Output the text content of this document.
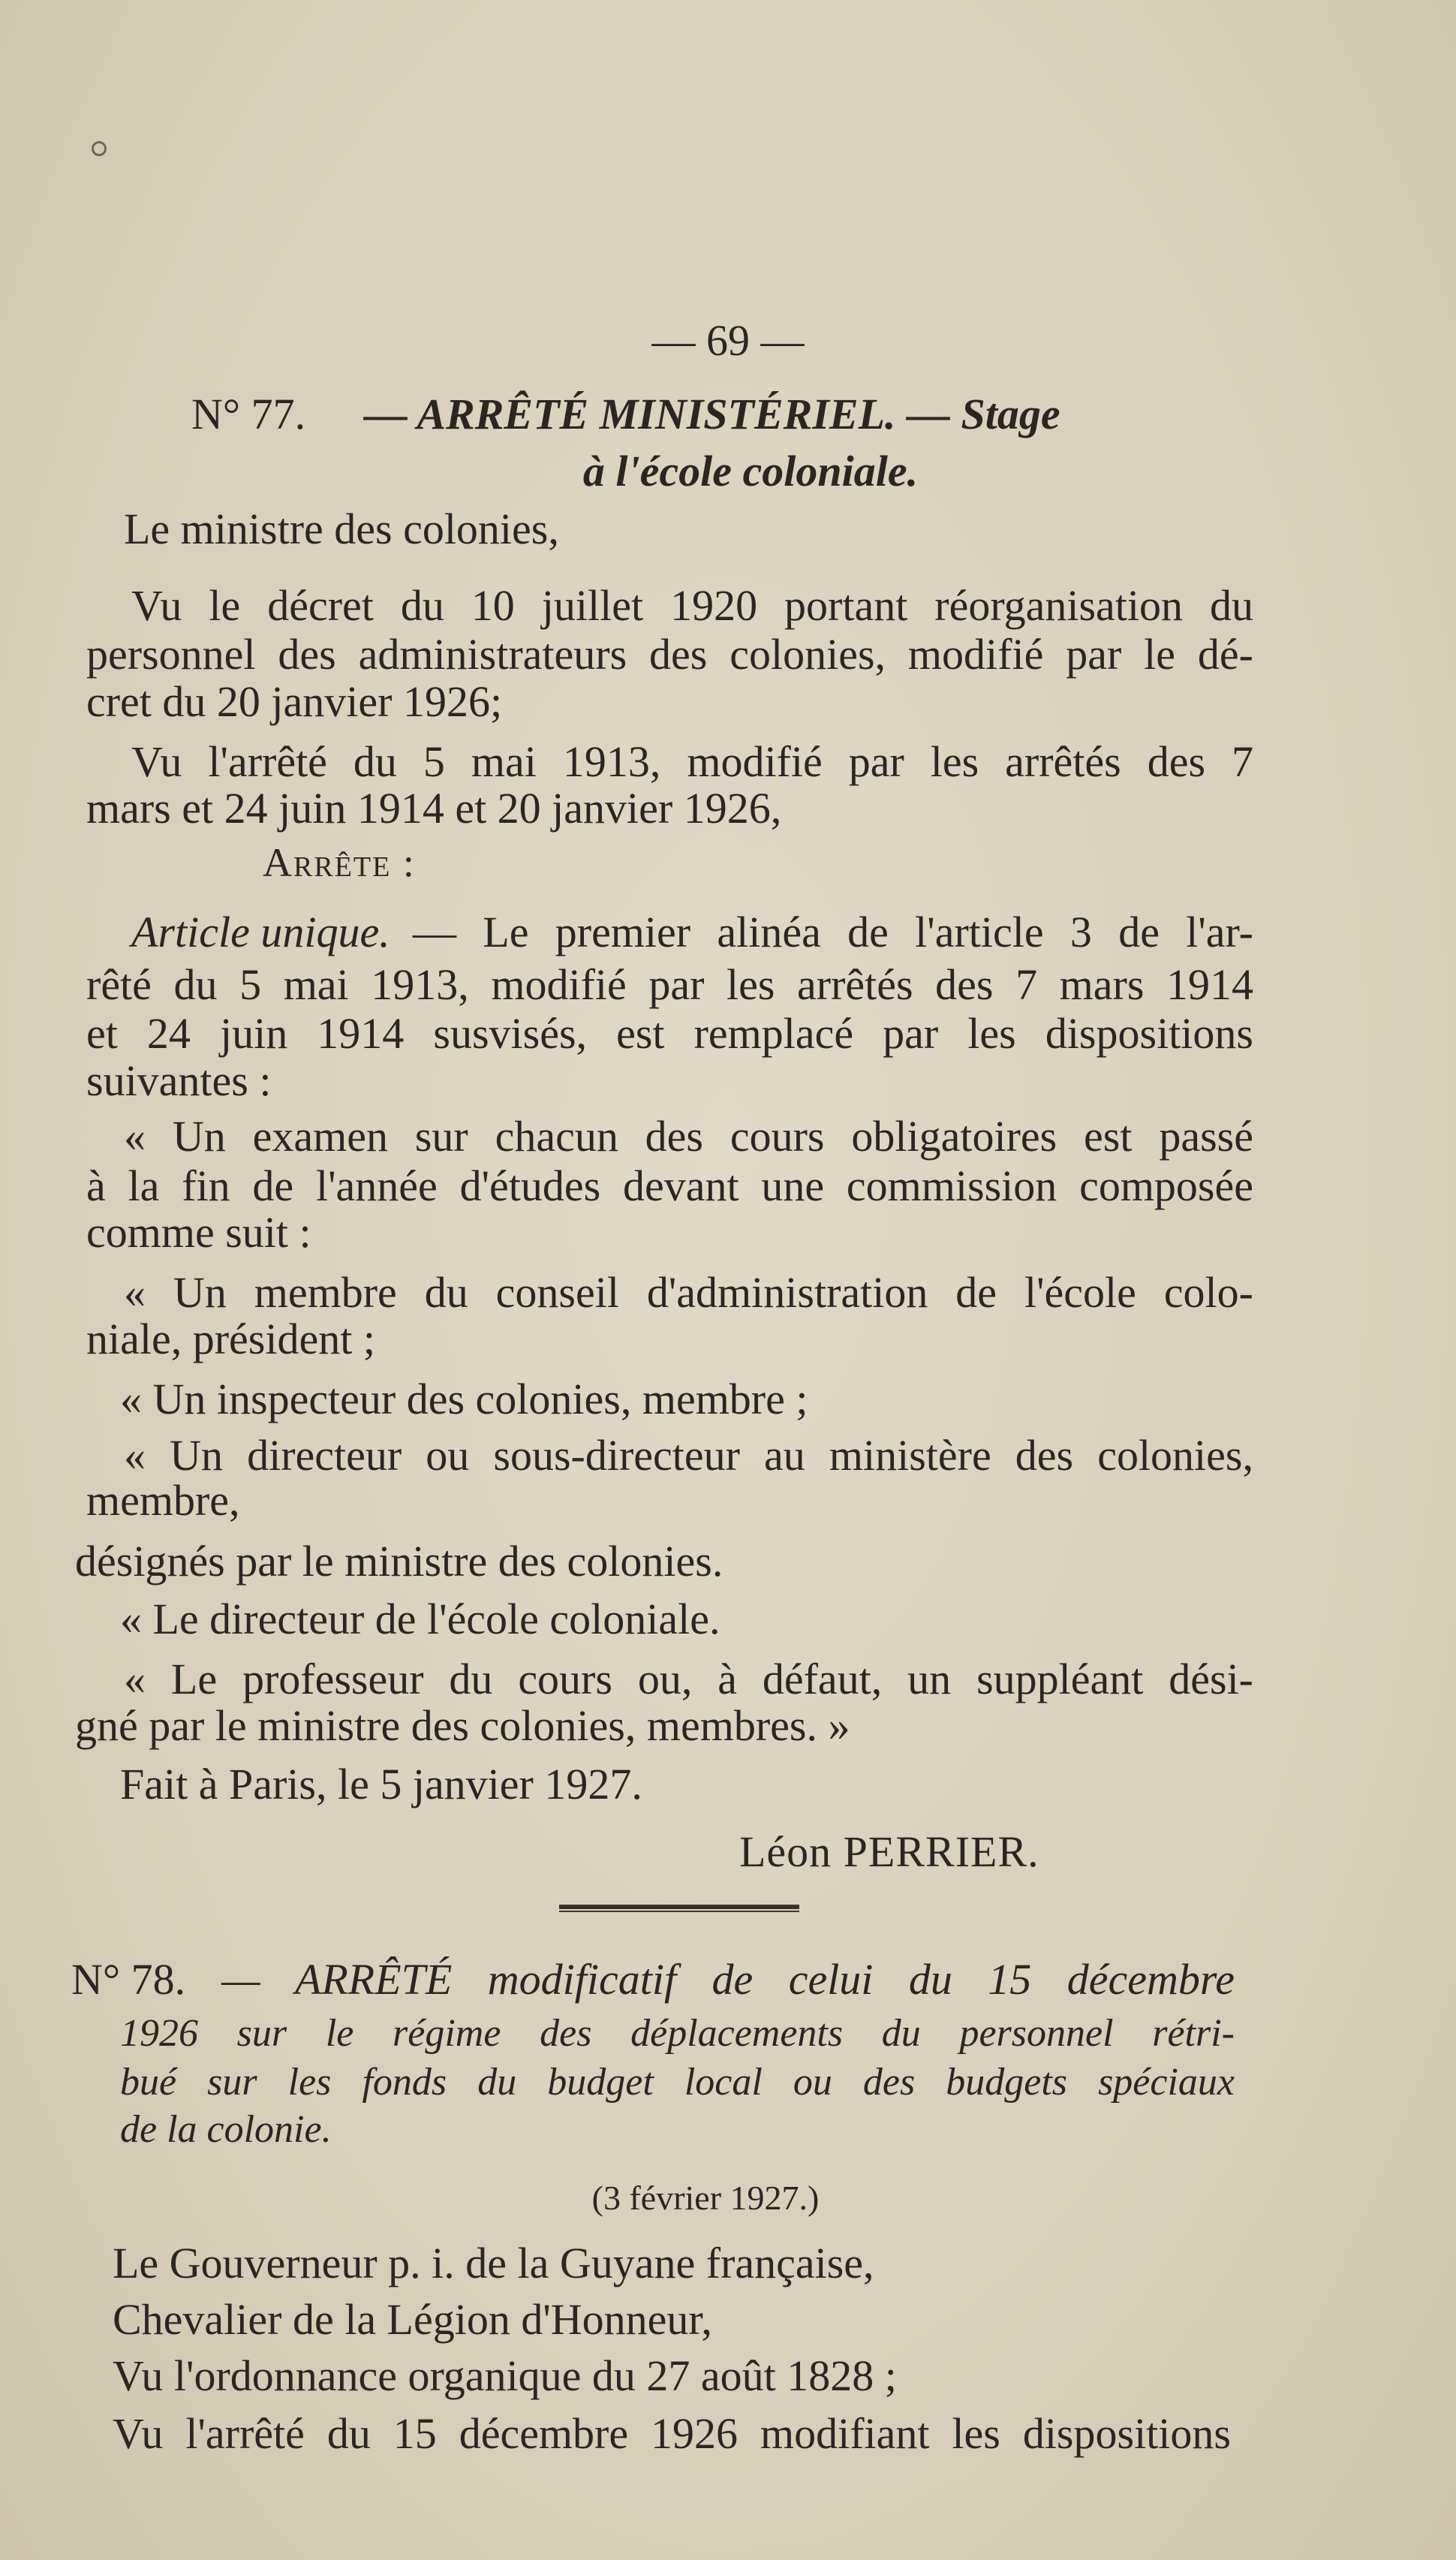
— 69 —
N° 77. — ARRÊTÉ MINISTÉRIEL. — Stage
à l'école coloniale.
Le ministre des colonies,
Vu le décret du 10 juillet 1920 portant réorganisation du
personnel des administrateurs des colonies, modifié par le dé-
cret du 20 janvier 1926;
Vu l'arrêté du 5 mai 1913, modifié par les arrêtés des 7
mars et 24 juin 1914 et 20 janvier 1926,
Arrête :
Article unique. — Le premier alinéa de l'article 3 de l'ar-
rêté du 5 mai 1913, modifié par les arrêtés des 7 mars 1914
et 24 juin 1914 susvisés, est remplacé par les dispositions
suivantes :
« Un examen sur chacun des cours obligatoires est passé
à la fin de l'année d'études devant une commission composée
comme suit :
« Un membre du conseil d'administration de l'école colo-
niale, président ;
« Un inspecteur des colonies, membre ;
« Un directeur ou sous-directeur au ministère des colonies,
membre,
désignés par le ministre des colonies.
« Le directeur de l'école coloniale.
« Le professeur du cours ou, à défaut, un suppléant dési-
gné par le ministre des colonies, membres. »
Fait à Paris, le 5 janvier 1927.
Léon PERRIER.
N° 78. — ARRÊTÉ modificatif de celui du 15 décembre
1926 sur le régime des déplacements du personnel rétri-
bué sur les fonds du budget local ou des budgets spéciaux
de la colonie.
(3 février 1927.)
Le Gouverneur p. i. de la Guyane française,
Chevalier de la Légion d'Honneur,
Vu l'ordonnance organique du 27 août 1828 ;
Vu l'arrêté du 15 décembre 1926 modifiant les dispositions
